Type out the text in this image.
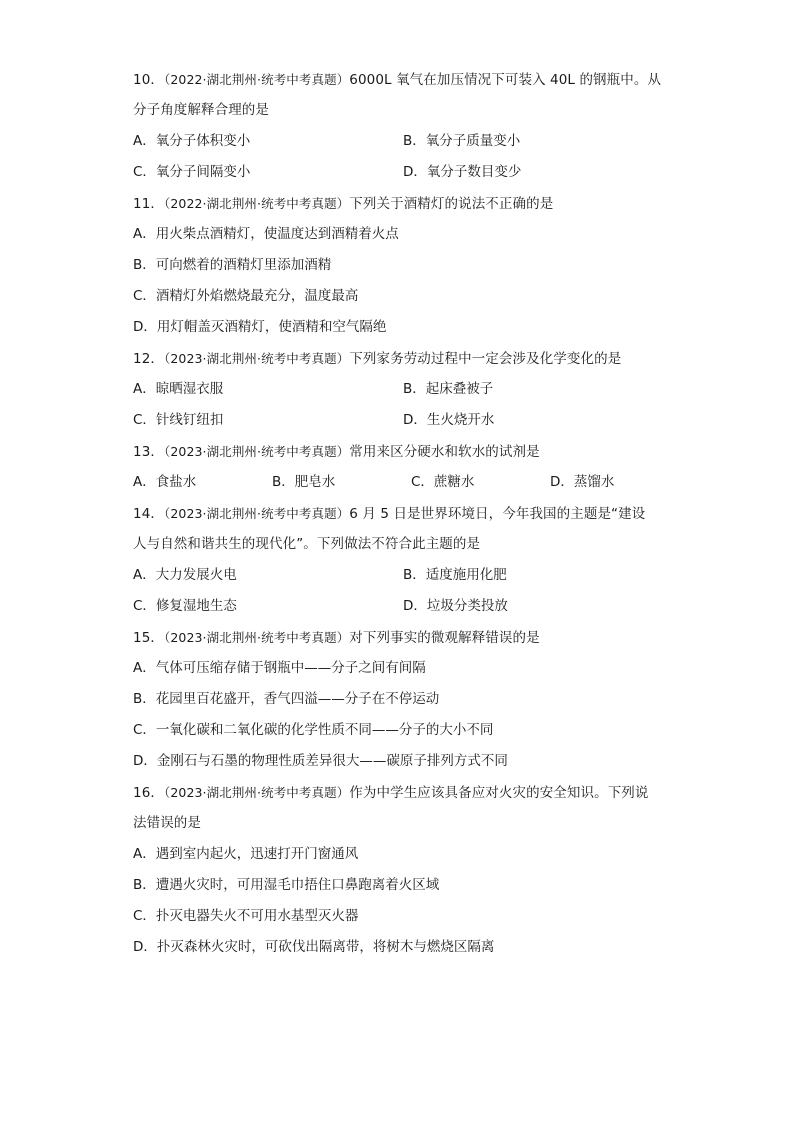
10．（2022·湖北荆州·统考中考真题）6000L 氧气在加压情况下可装入 40L 的钢瓶中。从
分子角度解释合理的是
A．氧分子体积变小	B．氧分子质量变小
C．氧分子间隔变小	D．氧分子数目变少
11．（2022·湖北荆州·统考中考真题）下列关于酒精灯的说法不正确的是
A．用火柴点酒精灯，使温度达到酒精着火点
B．可向燃着的酒精灯里添加酒精
C．酒精灯外焰燃烧最充分，温度最高
D．用灯帽盖灭酒精灯，使酒精和空气隔绝
12．（2023·湖北荆州·统考中考真题）下列家务劳动过程中一定会涉及化学变化的是
A．晾晒湿衣服	B．起床叠被子
C．针线钉纽扣	D．生火烧开水
13．（2023·湖北荆州·统考中考真题）常用来区分硬水和软水的试剂是
A．食盐水	B．肥皂水	C．蔗糖水	D．蒸馏水
14．（2023·湖北荆州·统考中考真题）6 月 5 日是世界环境日，今年我国的主题是“建设
人与自然和谐共生的现代化”。下列做法不符合此主题的是
A．大力发展火电	B．适度施用化肥
C．修复湿地生态	D．垃圾分类投放
15．（2023·湖北荆州·统考中考真题）对下列事实的微观解释错误的是
A．气体可压缩存储于钢瓶中——分子之间有间隔
B．花园里百花盛开，香气四溢——分子在不停运动
C．一氧化碳和二氧化碳的化学性质不同——分子的大小不同
D．金刚石与石墨的物理性质差异很大——碳原子排列方式不同
16．（2023·湖北荆州·统考中考真题）作为中学生应该具备应对火灾的安全知识。下列说
法错误的是
A．遇到室内起火，迅速打开门窗通风
B．遭遇火灾时，可用湿毛巾捂住口鼻跑离着火区域
C．扑灭电器失火不可用水基型灭火器
D．扑灭森林火灾时，可砍伐出隔离带，将树木与燃烧区隔离
